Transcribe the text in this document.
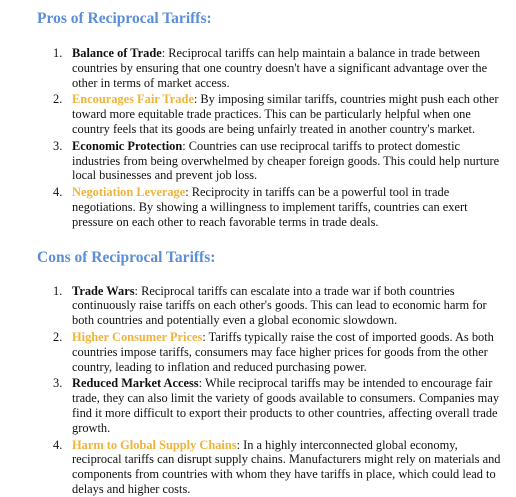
Pros of Reciprocal Tariffs:
1. Balance of Trade: Reciprocal tariffs can help maintain a balance in trade between countries by ensuring that one country doesn't have a significant advantage over the other in terms of market access.
2. Encourages Fair Trade: By imposing similar tariffs, countries might push each other toward more equitable trade practices. This can be particularly helpful when one country feels that its goods are being unfairly treated in another country's market.
3. Economic Protection: Countries can use reciprocal tariffs to protect domestic industries from being overwhelmed by cheaper foreign goods. This could help nurture local businesses and prevent job loss.
4. Negotiation Leverage: Reciprocity in tariffs can be a powerful tool in trade negotiations. By showing a willingness to implement tariffs, countries can exert pressure on each other to reach favorable terms in trade deals.
Cons of Reciprocal Tariffs:
1. Trade Wars: Reciprocal tariffs can escalate into a trade war if both countries continuously raise tariffs on each other's goods. This can lead to economic harm for both countries and potentially even a global economic slowdown.
2. Higher Consumer Prices: Tariffs typically raise the cost of imported goods. As both countries impose tariffs, consumers may face higher prices for goods from the other country, leading to inflation and reduced purchasing power.
3. Reduced Market Access: While reciprocal tariffs may be intended to encourage fair trade, they can also limit the variety of goods available to consumers. Companies may find it more difficult to export their products to other countries, affecting overall trade growth.
4. Harm to Global Supply Chains: In a highly interconnected global economy, reciprocal tariffs can disrupt supply chains. Manufacturers might rely on materials and components from countries with whom they have tariffs in place, which could lead to delays and higher costs.
